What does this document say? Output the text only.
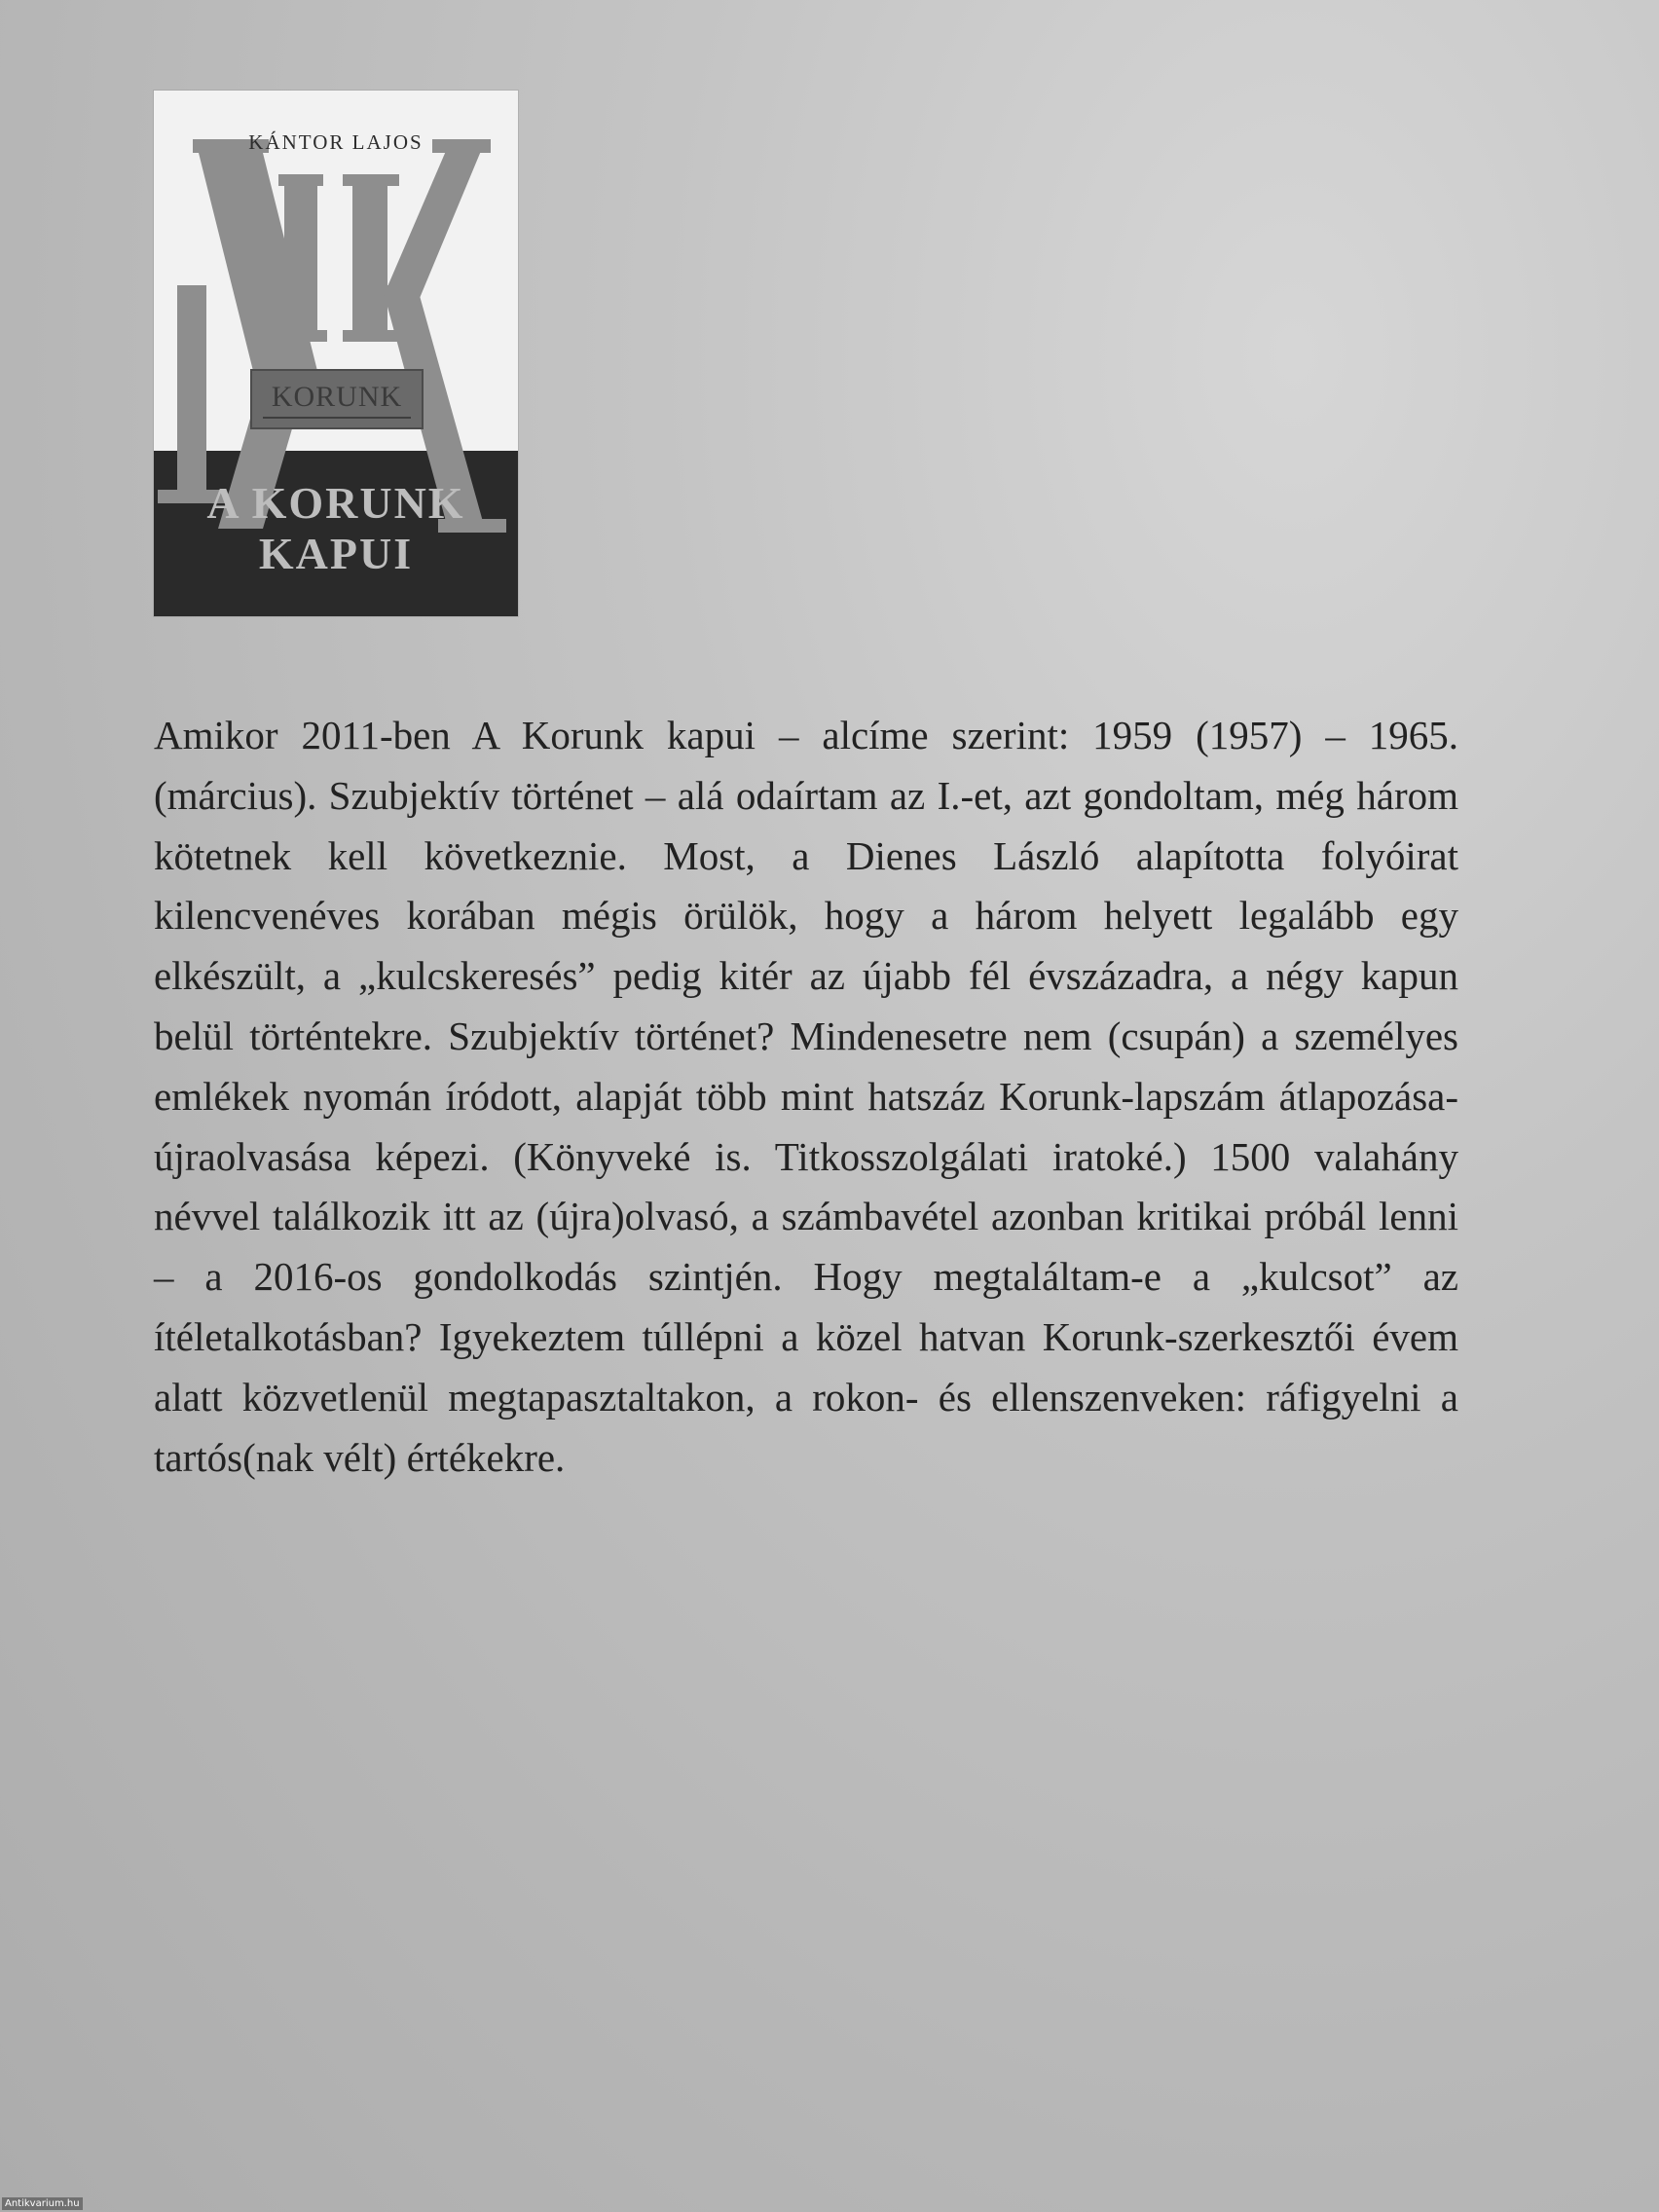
KÁNTOR LAJOS
KORUNK
A KORUNK
KAPUI

Amikor 2011-ben A Korunk kapui – alcíme szerint: 1959 (1957) – 1965. (március). Szubjektív történet – alá odaírtam az I.-et, azt gondoltam, még három kötetnek kell következnie. Most, a Dienes László alapította folyóirat kilencvenéves korában mégis örülök, hogy a három helyett legalább egy elkészült, a „kulcskeresés” pedig kitér az újabb fél évszázadra, a négy kapun belül történtekre. Szubjektív történet? Mindenesetre nem (csupán) a személyes emlékek nyomán íródott, alapját több mint hatszáz Korunk-lapszám átlapozása-újraolvasása képezi. (Könyveké is. Titkosszolgálati iratoké.) 1500 valahány névvel találkozik itt az (újra)olvasó, a számbavétel azonban kritikai próbál lenni – a 2016-os gondolkodás szintjén. Hogy megtaláltam-e a „kulcsot” az ítéletalkotásban? Igyekeztem túllépni a közel hatvan Korunk-szerkesztői évem alatt közvetlenül megtapasztaltakon, a rokon- és ellenszenveken: ráfigyelni a tartós(nak vélt) értékekre.

Antikvarium.hu
